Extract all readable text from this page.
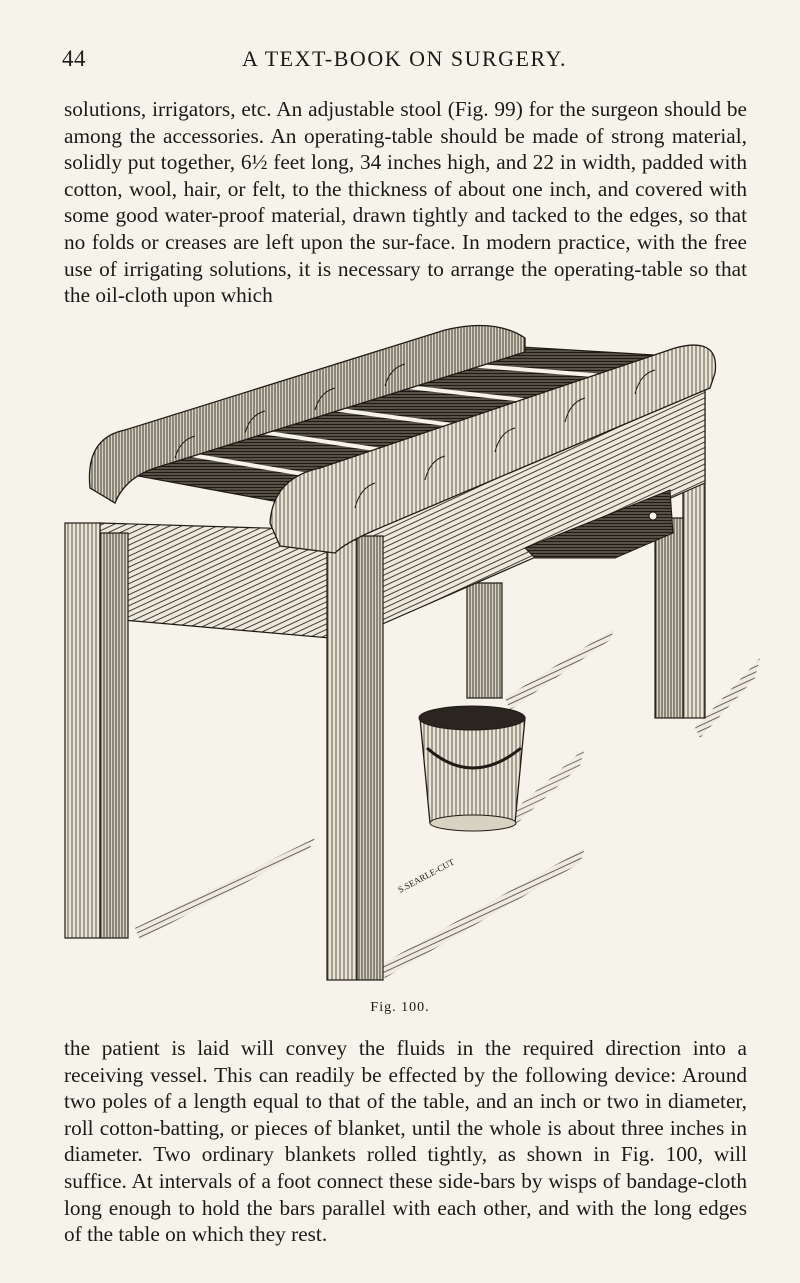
44	A TEXT-BOOK ON SURGERY.

solutions, irrigators, etc. An adjustable stool (Fig. 99) for the surgeon should be among the accessories. An operating-table should be made of strong material, solidly put together, 6½ feet long, 34 inches high, and 22 in width, padded with cotton, wool, hair, or felt, to the thickness of about one inch, and covered with some good water-proof material, drawn tightly and tacked to the edges, so that no folds or creases are left upon the sur-face. In modern practice, with the free use of irrigating solutions, it is necessary to arrange the operating-table so that the oil-cloth upon which

S.SEARLE-CUT
Fig. 100.

the patient is laid will convey the fluids in the required direction into a receiving vessel. This can readily be effected by the following device: Around two poles of a length equal to that of the table, and an inch or two in diameter, roll cotton-batting, or pieces of blanket, until the whole is about three inches in diameter. Two ordinary blankets rolled tightly, as shown in Fig. 100, will suffice. At intervals of a foot connect these side-bars by wisps of bandage-cloth long enough to hold the bars parallel with each other, and with the long edges of the table on which they rest.
